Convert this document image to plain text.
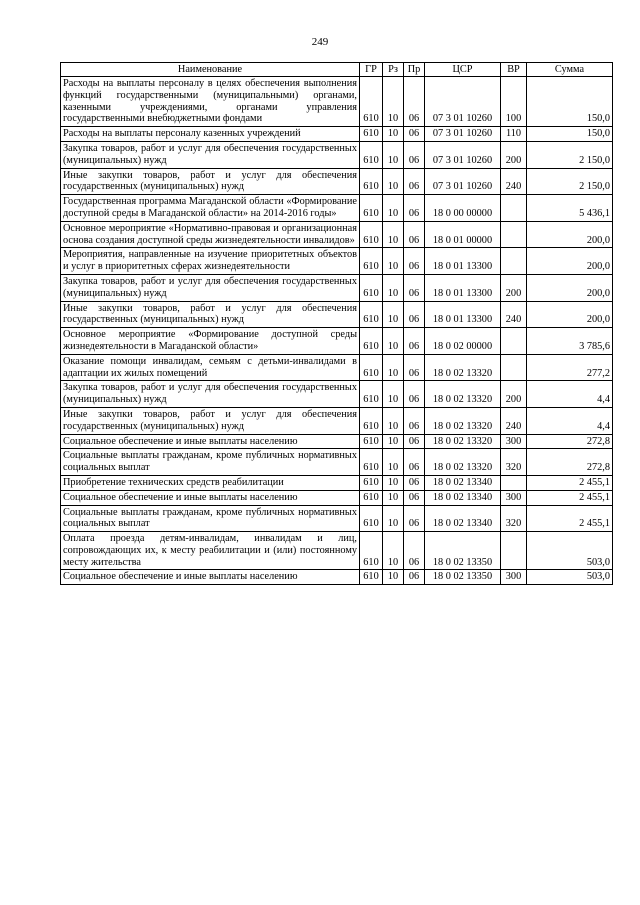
249
Наименование	ГР	Рз	Пр	ЦСР	ВР	Сумма
Расходы на выплаты персоналу в целях обеспечения выполнения функций государственными (муниципальными) органами, казенными учреждениями, органами управления государственными внебюджетными фондами	610	10	06	07 3 01 10260	100	150,0
Расходы на выплаты персоналу казенных учреждений	610	10	06	07 3 01 10260	110	150,0
Закупка товаров, работ и услуг для обеспечения государственных (муниципальных) нужд	610	10	06	07 3 01 10260	200	2 150,0
Иные закупки товаров, работ и услуг для обеспечения государственных (муниципальных) нужд	610	10	06	07 3 01 10260	240	2 150,0
Государственная программа Магаданской области «Формирование доступной среды в Магаданской области» на 2014-2016 годы»	610	10	06	18 0 00 00000		5 436,1
Основное мероприятие «Нормативно-правовая и организационная основа создания доступной среды жизнедеятельности инвалидов»	610	10	06	18 0 01 00000		200,0
Мероприятия, направленные на изучение приоритетных объектов и услуг в приоритетных сферах жизнедеятельности	610	10	06	18 0 01 13300		200,0
Закупка товаров, работ и услуг для обеспечения государственных (муниципальных) нужд	610	10	06	18 0 01 13300	200	200,0
Иные закупки товаров, работ и услуг для обеспечения государственных (муниципальных) нужд	610	10	06	18 0 01 13300	240	200,0
Основное мероприятие «Формирование доступной среды жизнедеятельности в Магаданской области»	610	10	06	18 0 02 00000		3 785,6
Оказание помощи инвалидам, семьям с детьми-инвалидами в адаптации их жилых помещений	610	10	06	18 0 02 13320		277,2
Закупка товаров, работ и услуг для обеспечения государственных (муниципальных) нужд	610	10	06	18 0 02 13320	200	4,4
Иные закупки товаров, работ и услуг для обеспечения государственных (муниципальных) нужд	610	10	06	18 0 02 13320	240	4,4
Социальное обеспечение и иные выплаты населению	610	10	06	18 0 02 13320	300	272,8
Социальные выплаты гражданам, кроме публичных нормативных социальных выплат	610	10	06	18 0 02 13320	320	272,8
Приобретение технических средств реабилитации	610	10	06	18 0 02 13340		2 455,1
Социальное обеспечение и иные выплаты населению	610	10	06	18 0 02 13340	300	2 455,1
Социальные выплаты гражданам, кроме публичных нормативных социальных выплат	610	10	06	18 0 02 13340	320	2 455,1
Оплата проезда детям-инвалидам, инвалидам и лиц, сопровождающих их, к месту реабилитации и (или) постоянному месту жительства	610	10	06	18 0 02 13350		503,0
Социальное обеспечение и иные выплаты населению	610	10	06	18 0 02 13350	300	503,0
